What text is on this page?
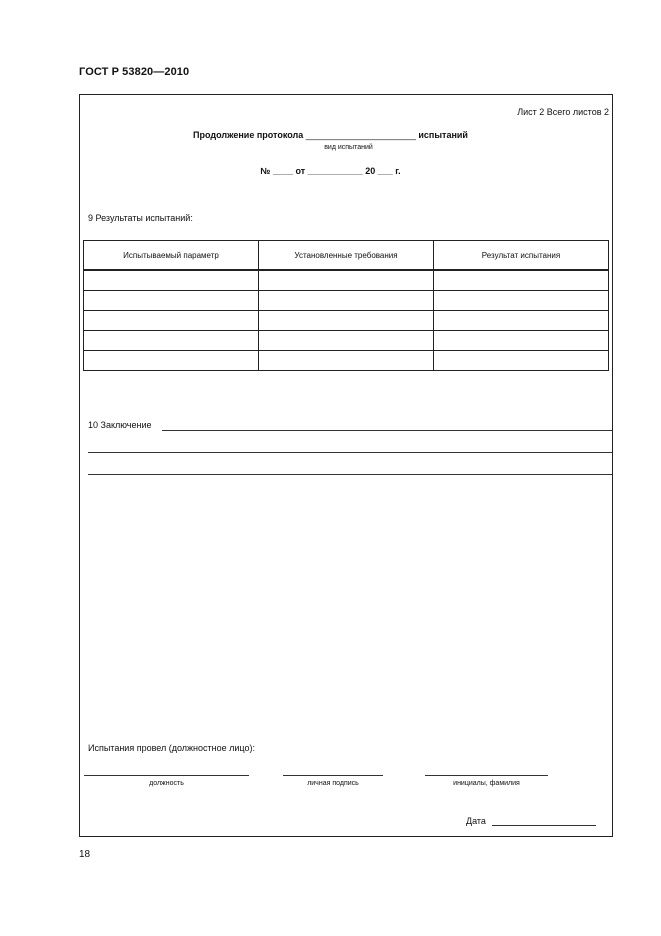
ГОСТ Р 53820—2010
Лист 2 Всего листов 2
Продолжение протокола ______________________ испытаний
вид испытаний
№ ____ от ___________ 20 ___ г.
9 Результаты испытаний:
Испытываемый параметр	Установленные требования	Результат испытания

10 Заключение
Испытания провел (должностное лицо):
должность	личная подпись	инициалы, фамилия
Дата
18
